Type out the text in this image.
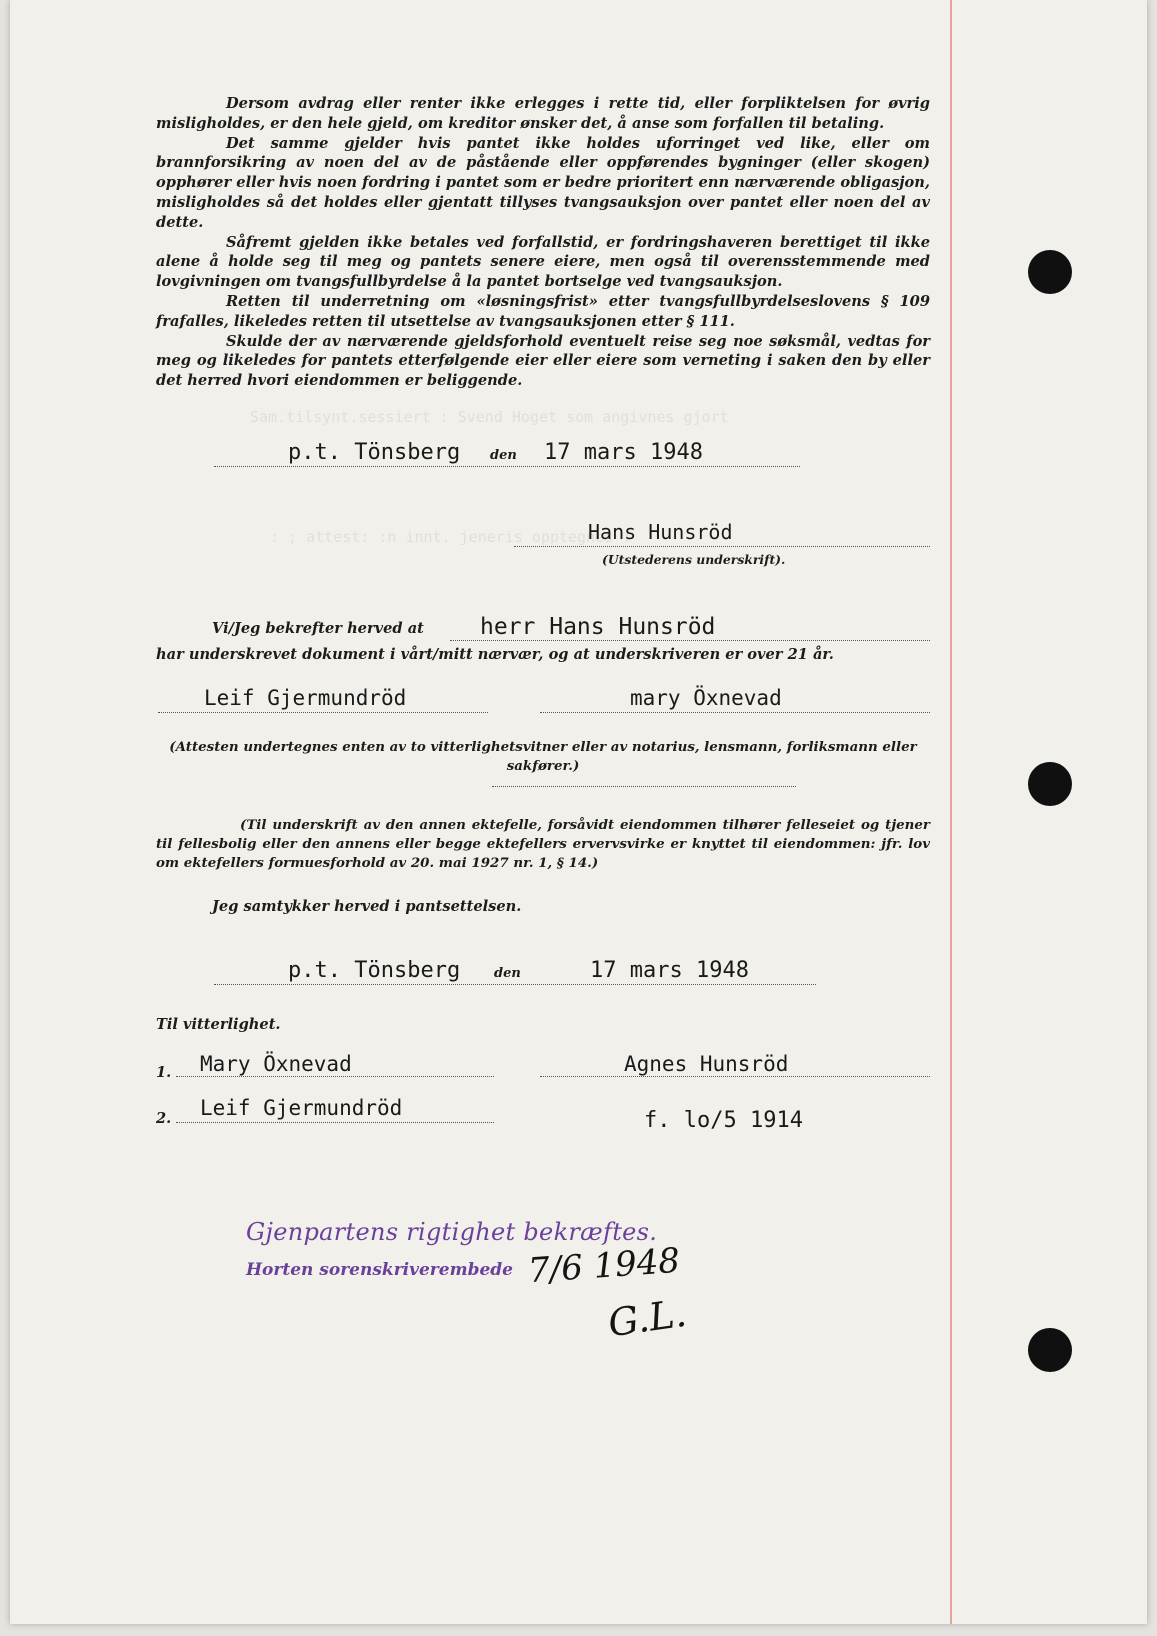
Sam.tilsynt.sessiert : Svend Hoget som angivnes gjort
: ; attest: :n innt. jeneris opptegnes :

Dersom avdrag eller renter ikke erlegges i rette tid, eller forpliktelsen for øvrig misligholdes, er den hele gjeld, om kreditor ønsker det, å anse som forfallen til betaling.

Det samme gjelder hvis pantet ikke holdes uforringet ved like, eller om brannforsikring av noen del av de påstående eller oppførendes bygninger (eller skogen) opphører eller hvis noen fordring i pantet som er bedre prioritert enn nærværende obligasjon, misligholdes så det holdes eller gjentatt tillyses tvangsauksjon over pantet eller noen del av dette.

Såfremt gjelden ikke betales ved forfallstid, er fordringshaveren berettiget til ikke alene å holde seg til meg og pantets senere eiere, men også til overensstemmende med lovgivningen om tvangsfullbyrdelse å la pantet bortselge ved tvangsauksjon.

Retten til underretning om «løsningsfrist» etter tvangsfullbyrdelseslovens § 109 frafalles, likeledes retten til utsettelse av tvangsauksjonen etter § 111.

Skulde der av nærværende gjeldsforhold eventuelt reise seg noe søksmål, vedtas for meg og likeledes for pantets etterfølgende eier eller eiere som verneting i saken den by eller det herred hvori eiendommen er beliggende.

p.t. Tönsberg den 17 mars 1948
Hans Hunsröd
(Utstederens underskrift).
Vi/Jeg bekrefter herved at herr Hans Hunsröd
har underskrevet dokument i vårt/mitt nærvær, og at underskriveren er over 21 år.
Leif Gjermundröd	mary Öxnevad
(Attesten undertegnes enten av to vitterlighetsvitner eller av notarius, lensmann, forliksmann eller sakfører.)
(Til underskrift av den annen ektefelle, forsåvidt eiendommen tilhører felleseiet og tjener til fellesbolig eller den annens eller begge ektefellers ervervsvirke er knyttet til eiendommen: jfr. lov om ektefellers formuesforhold av 20. mai 1927 nr. 1, § 14.)
Jeg samtykker herved i pantsettelsen.
p.t. Tönsberg	den	17 mars 1948
Til vitterlighet.
1. Mary Öxnevad	Agnes Hunsröd
2. Leif Gjermundröd	f. lo/5 1914
Gjenpartens rigtighet bekræftes.
Horten sorenskriverembede 7/6 1948
G.L.
